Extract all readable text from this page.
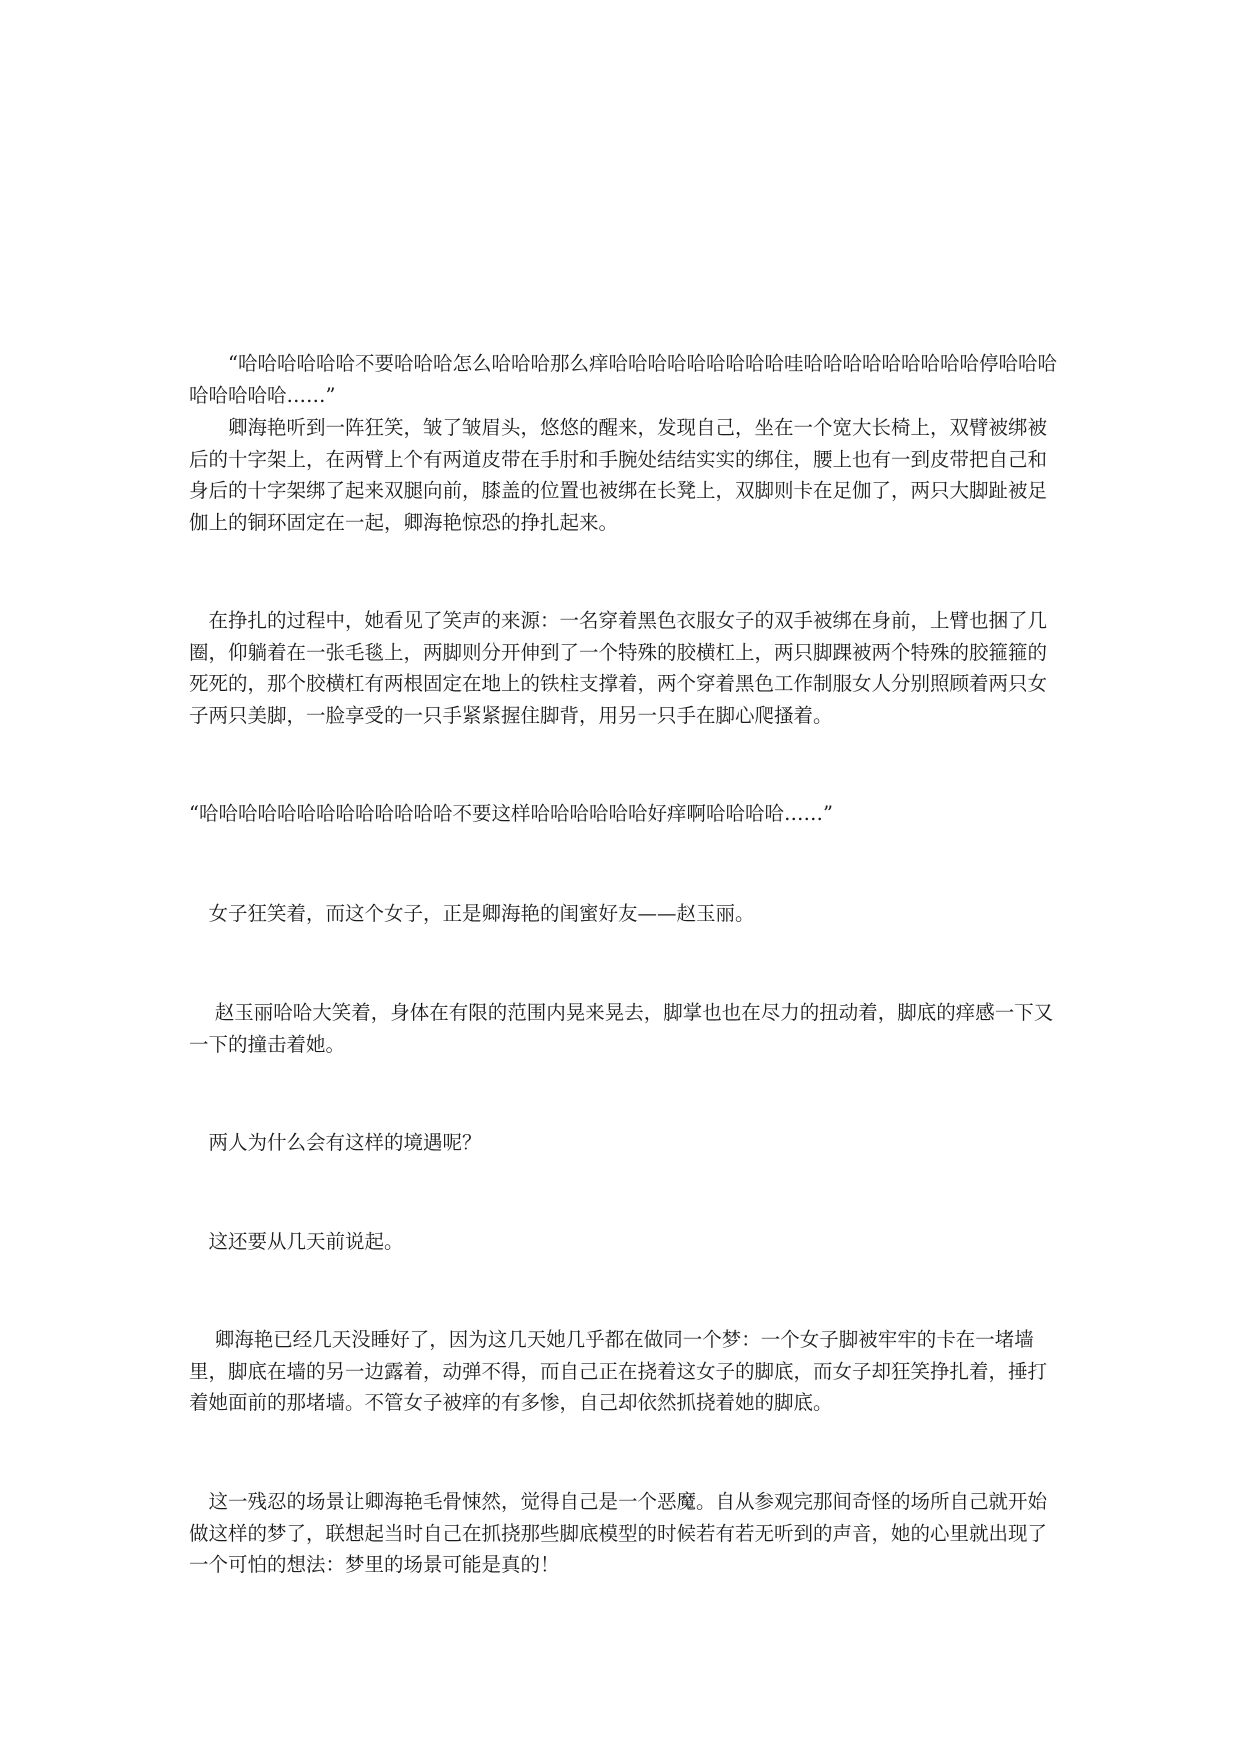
　　“哈哈哈哈哈哈不要哈哈哈怎么哈哈哈那么痒哈哈哈哈哈哈哈哈哈哇哈哈哈哈哈哈哈哈哈停哈哈哈哈哈哈哈哈……”

　　卿海艳听到一阵狂笑，皱了皱眉头，悠悠的醒来，发现自己，坐在一个宽大长椅上，双臂被绑被后的十字架上，在两臂上个有两道皮带在手肘和手腕处结结实实的绑住，腰上也有一到皮带把自己和身后的十字架绑了起来双腿向前，膝盖的位置也被绑在长凳上，双脚则卡在足伽了，两只大脚趾被足伽上的铜环固定在一起，卿海艳惊恐的挣扎起来。

　在挣扎的过程中，她看见了笑声的来源：一名穿着黑色衣服女子的双手被绑在身前，上臂也捆了几圈，仰躺着在一张毛毯上，两脚则分开伸到了一个特殊的胶横杠上，两只脚踝被两个特殊的胶箍箍的死死的，那个胶横杠有两根固定在地上的铁柱支撑着，两个穿着黑色工作制服女人分别照顾着两只女子两只美脚，一脸享受的一只手紧紧握住脚背，用另一只手在脚心爬搔着。

“哈哈哈哈哈哈哈哈哈哈哈哈哈不要这样哈哈哈哈哈哈好痒啊哈哈哈哈……”

　女子狂笑着，而这个女子，正是卿海艳的闺蜜好友——赵玉丽。

　 赵玉丽哈哈大笑着，身体在有限的范围内晃来晃去，脚掌也也在尽力的扭动着，脚底的痒感一下又一下的撞击着她。

　两人为什么会有这样的境遇呢？

　这还要从几天前说起。

　 卿海艳已经几天没睡好了，因为这几天她几乎都在做同一个梦：一个女子脚被牢牢的卡在一堵墙里，脚底在墙的另一边露着，动弹不得，而自己正在挠着这女子的脚底，而女子却狂笑挣扎着，捶打着她面前的那堵墙。不管女子被痒的有多惨，自己却依然抓挠着她的脚底。

　这一残忍的场景让卿海艳毛骨悚然，觉得自己是一个恶魔。自从参观完那间奇怪的场所自己就开始做这样的梦了，联想起当时自己在抓挠那些脚底模型的时候若有若无听到的声音，她的心里就出现了一个可怕的想法：梦里的场景可能是真的！
